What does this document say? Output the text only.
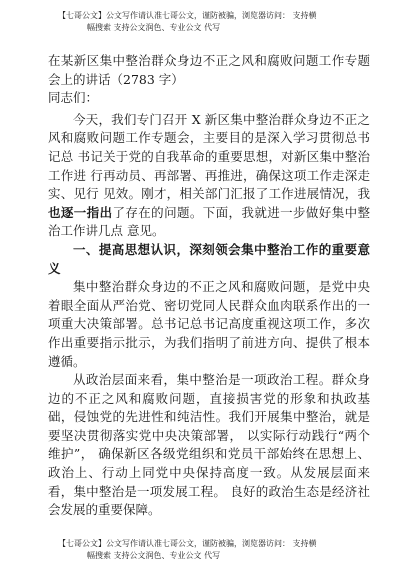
【七哥公文】公文写作请认准七哥公文，谨防被骗，浏览器访问： 支持横
幅搜索 支持公文润色、专业公文 代写

在某新区集中整治群众身边不正之风和腐败问题工作专题会上的讲话（2783 字）

同志们：

今天，我们专门召开 X 新区集中整治群众身边不正之风和腐败问题工作专题会，主要目的是深入学习贯彻总书记总 书记关于党的自我革命的重要思想，对新区集中整治工作进 行再动员、再部署、再推进，确保这项工作走深走实、见行 见效。刚才，相关部门汇报了工作进展情况，我也逐一指出了存在的问题。下面，我就进一步做好集中整治工作讲几点 意见。

一、提高思想认识，深刻领会集中整治工作的重要意义

集中整治群众身边的不正之风和腐败问题，是党中央着眼全面从严治党、密切党同人民群众血肉联系作出的一项重大决策部署。总书记总书记高度重视这项工作，多次作出重要指示批示，为我们指明了前进方向、提供了根本遵循。

从政治层面来看，集中整治是一项政治工程。群众身边的不正之风和腐败问题，直接损害党的形象和执政基础，侵蚀党的先进性和纯洁性。我们开展集中整治，就是要坚决贯彻落实党中央决策部署， 以实际行动践行“两个维护”， 确保新区各级党组织和党员干部始终在思想上、政治上、行动上同党中央保持高度一致。从发展层面来看，集中整治是一项发展工程。 良好的政治生态是经济社会发展的重要保障。

【七哥公文】公文写作请认准七哥公文，谨防被骗，浏览器访问： 支持横
幅搜索 支持公文润色、专业公文 代写
